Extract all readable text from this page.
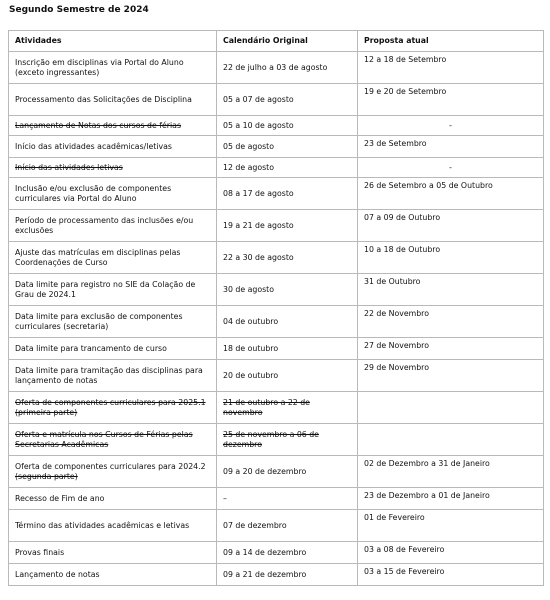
Segundo Semestre de 2024
Atividades	Calendário Original	Proposta atual
Inscrição em disciplinas via Portal do Aluno (exceto ingressantes)	22 de julho a 03 de agosto	12 a 18 de Setembro
Processamento das Solicitações de Disciplina	05 a 07 de agosto	19 e 20 de Setembro
Lançamento de Notas dos cursos de férias	05 a 10 de agosto	-
Início das atividades acadêmicas/letivas	05 de agosto	23 de Setembro
Início das atividades letivas	12 de agosto	-
Inclusão e/ou exclusão de componentes curriculares via Portal do Aluno	08 a 17 de agosto	26 de Setembro a 05 de Outubro
Período de processamento das inclusões e/ou exclusões	19 a 21 de agosto	07 a 09 de Outubro
Ajuste das matrículas em disciplinas pelas Coordenações de Curso	22 a 30 de agosto	10 a 18 de Outubro
Data limite para registro no SIE da Colação de Grau de 2024.1	30 de agosto	31 de Outubro
Data limite para exclusão de componentes curriculares (secretaria)	04 de outubro	22 de Novembro
Data limite para trancamento de curso	18 de outubro	27 de Novembro
Data limite para tramitação das disciplinas para lançamento de notas	20 de outubro	29 de Novembro
Oferta de componentes curriculares para 2025.1 (primeira parte)	21 de outubro a 22 de novembro	
Oferta e matrícula nos Cursos de Férias pelas Secretarias Acadêmicas	25 de novembro a 06 de dezembro	
Oferta de componentes curriculares para 2024.2 (segunda parte)	09 a 20 de dezembro	02 de Dezembro a 31 de Janeiro
Recesso de Fim de ano	–	23 de Dezembro a 01 de Janeiro
Término das atividades acadêmicas e letivas	07 de dezembro	01 de Fevereiro
Provas finais	09 a 14 de dezembro	03 a 08 de Fevereiro
Lançamento de notas	09 a 21 de dezembro	03 a 15 de Fevereiro
